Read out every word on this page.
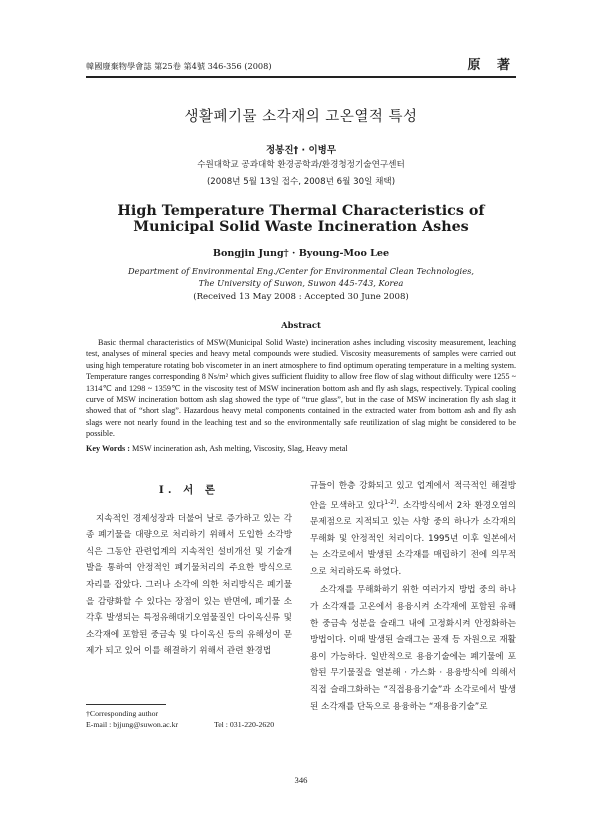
韓國廢棄物學會誌 第25卷 第4號 346-356 (2008)	原 著
생활폐기물 소각재의 고온열적 특성
정봉진† · 이병무
수원대학교 공과대학 환경공학과/환경청정기술연구센터
(2008년 5월 13일 접수, 2008년 6월 30일 채택)
High Temperature Thermal Characteristics of
Municipal Solid Waste Incineration Ashes
Bongjin Jung† · Byoung-Moo Lee
Department of Environmental Eng./Center for Environmental Clean Technologies,
The University of Suwon, Suwon 445-743, Korea
(Received 13 May 2008 : Accepted 30 June 2008)
Abstract
Basic thermal characteristics of MSW(Municipal Solid Waste) incineration ashes including viscosity measurement, leaching test, analyses of mineral species and heavy metal compounds were studied. Viscosity measurements of samples were carried out using high temperature rotating bob viscometer in an inert atmosphere to find optimum operating temperature in a melting system. Temperature ranges corresponding 8 Ns/m² which gives sufficient fluidity to allow free flow of slag without difficulty were 1255 ~ 1314℃ and 1298 ~ 1359℃ in the viscosity test of MSW incineration bottom ash and fly ash slags, respectively. Typical cooling curve of MSW incineration bottom ash slag showed the type of “true glass”, but in the case of MSW incineration fly ash slag it showed that of “short slag”. Hazardous heavy metal components contained in the extracted water from bottom ash and fly ash slags were not nearly found in the leaching test and so the environmentally safe reutilization of slag might be considered to be possible.
Key Words : MSW incineration ash, Ash melting, Viscosity, Slag, Heavy metal
I. 서 론

지속적인 경제성장과 더불어 날로 증가하고 있는 각종 폐기물을 대량으로 처리하기 위해서 도입한 소각방식은 그동안 관련업계의 지속적인 설비개선 및 기술개발을 통하여 안정적인 폐기물처리의 주요한 방식으로 자리를 잡았다. 그러나 소각에 의한 처리방식은 폐기물을 감량화할 수 있다는 장점이 있는 반면에, 폐기물 소각후 발생되는 특정유해대기오염물질인 다이옥신류 및 소각재에 포함된 중금속 및 다이옥신 등의 유해성이 문제가 되고 있어 이를 해결하기 위해서 관련 환경법

규들이 한층 강화되고 있고 업계에서 적극적인 해결방안을 모색하고 있다$^{1-2)}$. 소각방식에서 2차 환경오염의 문제점으로 지적되고 있는 사항 중의 하나가 소각재의 무해화 및 안정적인 처리이다. 1995년 이후 일본에서는 소각로에서 발생된 소각재를 매립하기 전에 의무적으로 처리하도록 하였다.

소각재를 무해화하기 위한 여러가지 방법 중의 하나가 소각재를 고온에서 용융시켜 소각재에 포함된 유해한 중금속 성분을 슬래그 내에 고정화시켜 안정화하는 방법이다. 이때 발생된 슬래그는 골재 등 자원으로 재활용이 가능하다. 일반적으로 용융기술에는 폐기물에 포함된 무기물질을 열분해 · 가스화 · 용융방식에 의해서 직접 슬래그화하는 “직접용융기술”과 소각로에서 발생된 소각재를 단독으로 용융하는 “재용융기술”로

†Corresponding author
E-mail : bjjung@suwon.ac.kr	Tel : 031-220-2620
346
